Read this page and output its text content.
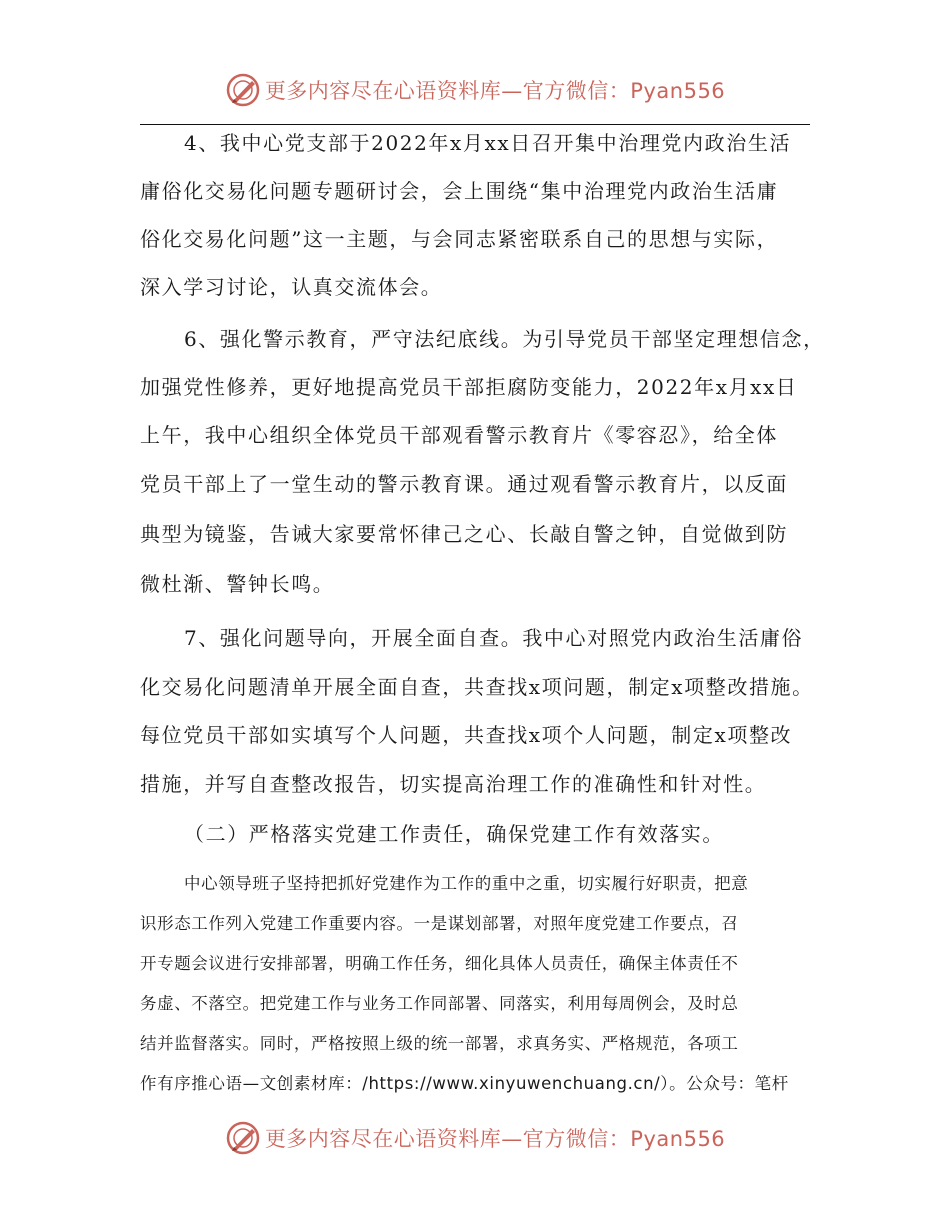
更多内容尽在心语资料库—官方微信：Pyan556
4、我中心党支部于2022年x月xx日召开集中治理党内政治生活
庸俗化交易化问题专题研讨会，会上围绕“集中治理党内政治生活庸
俗化交易化问题”这一主题，与会同志紧密联系自己的思想与实际，
深入学习讨论，认真交流体会。
6、强化警示教育，严守法纪底线。为引导党员干部坚定理想信念，
加强党性修养，更好地提高党员干部拒腐防变能力，2022年x月xx日
上午，我中心组织全体党员干部观看警示教育片《零容忍》，给全体
党员干部上了一堂生动的警示教育课。通过观看警示教育片，以反面
典型为镜鉴，告诫大家要常怀律己之心、长敲自警之钟，自觉做到防
微杜渐、警钟长鸣。
7、强化问题导向，开展全面自查。我中心对照党内政治生活庸俗
化交易化问题清单开展全面自查，共查找x项问题，制定x项整改措施。
每位党员干部如实填写个人问题，共查找x项个人问题，制定x项整改
措施，并写自查整改报告，切实提高治理工作的准确性和针对性。
（二）严格落实党建工作责任，确保党建工作有效落实。
中心领导班子坚持把抓好党建作为工作的重中之重，切实履行好职责，把意
识形态工作列入党建工作重要内容。一是谋划部署，对照年度党建工作要点，召
开专题会议进行安排部署，明确工作任务，细化具体人员责任，确保主体责任不
务虚、不落空。把党建工作与业务工作同部署、同落实，利用每周例会，及时总
结并监督落实。同时，严格按照上级的统一部署，求真务实、严格规范，各项工
作有序推心语—文创素材库：/https://www.xinyuwenchuang.cn/）。公众号：笔杆
更多内容尽在心语资料库—官方微信：Pyan556
